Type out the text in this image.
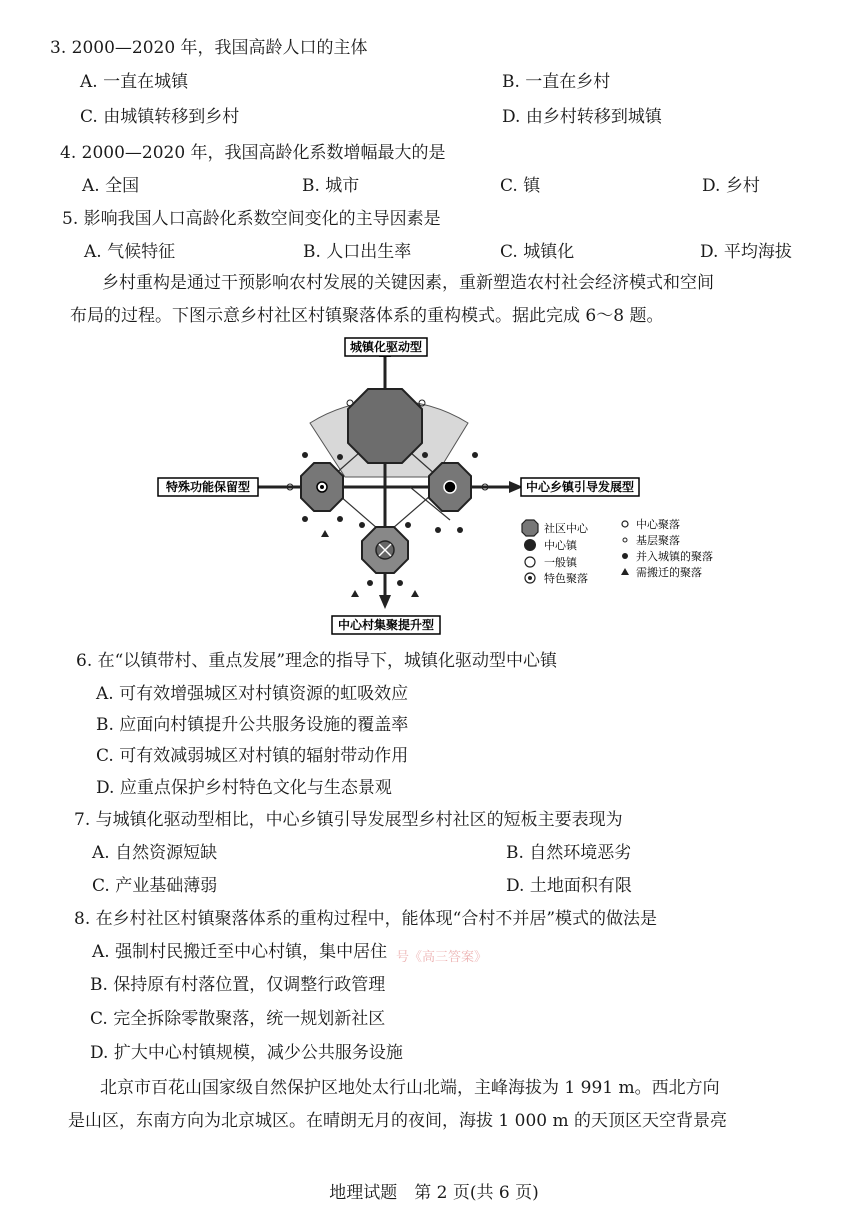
3. 2000—2020 年，我国高龄人口的主体
A. 一直在城镇	B. 一直在乡村
C. 由城镇转移到乡村	D. 由乡村转移到城镇
4. 2000—2020 年，我国高龄化系数增幅最大的是
A. 全国	B. 城市	C. 镇	D. 乡村
5. 影响我国人口高龄化系数空间变化的主导因素是
A. 气候特征	B. 人口出生率	C. 城镇化	D. 平均海拔
乡村重构是通过干预影响农村发展的关键因素，重新塑造农村社会经济模式和空间
布局的过程。下图示意乡村社区村镇聚落体系的重构模式。据此完成 6～8 题。
城镇化驱动型
特殊功能保留型	中心乡镇引导发展型
中心村集聚提升型
社区中心
中心镇
一般镇
特色聚落
中心聚落
基层聚落
并入城镇的聚落
需搬迁的聚落
6. 在“以镇带村、重点发展”理念的指导下，城镇化驱动型中心镇
A. 可有效增强城区对村镇资源的虹吸效应
B. 应面向村镇提升公共服务设施的覆盖率
C. 可有效减弱城区对村镇的辐射带动作用
D. 应重点保护乡村特色文化与生态景观
7. 与城镇化驱动型相比，中心乡镇引导发展型乡村社区的短板主要表现为
A. 自然资源短缺	B. 自然环境恶劣
C. 产业基础薄弱	D. 土地面积有限
8. 在乡村社区村镇聚落体系的重构过程中，能体现“合村不并居”模式的做法是
A. 强制村民搬迁至中心村镇，集中居住 号《高三答案》
B. 保持原有村落位置，仅调整行政管理
C. 完全拆除零散聚落，统一规划新社区
D. 扩大中心村镇规模，减少公共服务设施
北京市百花山国家级自然保护区地处太行山北端，主峰海拔为 1 991 m。西北方向
是山区，东南方向为北京城区。在晴朗无月的夜间，海拔 1 000 m 的天顶区天空背景亮
地理试题　第 2 页(共 6 页)
